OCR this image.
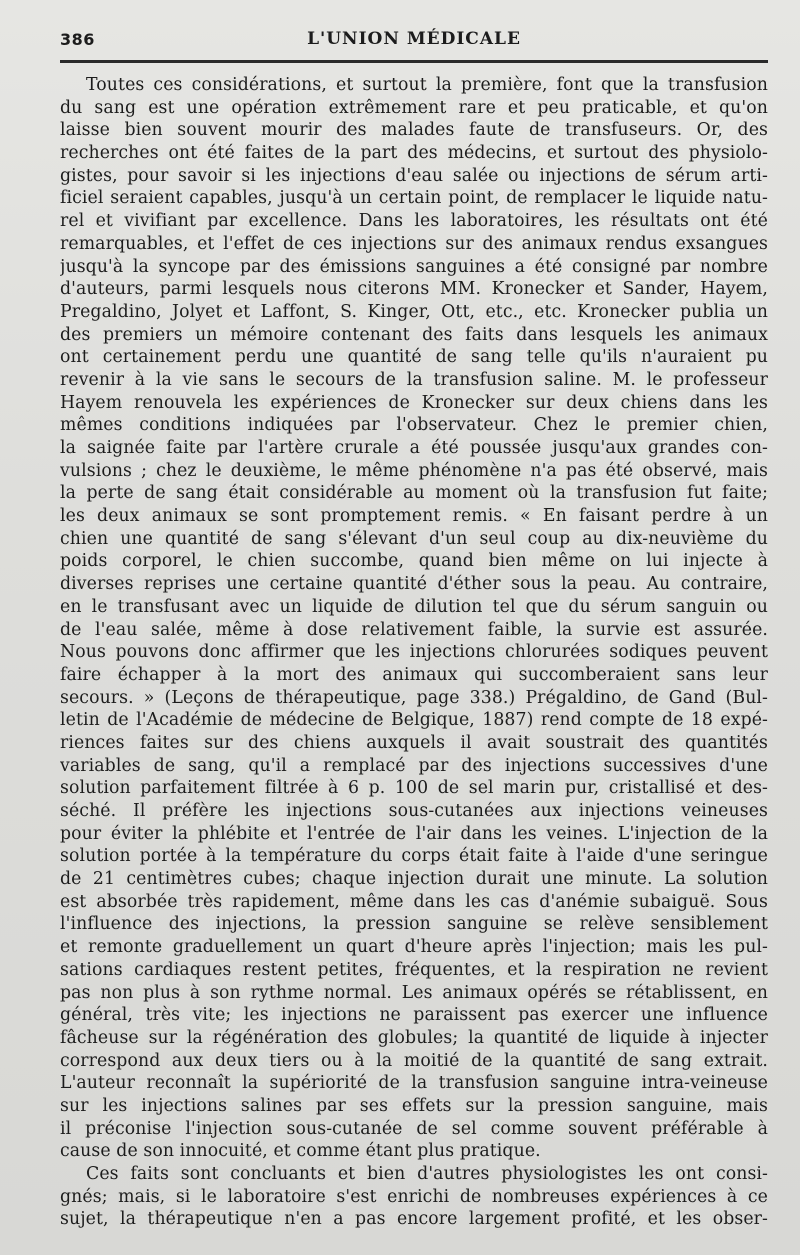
386	L'UNION MÉDICALE
Toutes ces considérations, et surtout la première, font que la transfusion
du sang est une opération extrêmement rare et peu praticable, et qu'on
laisse bien souvent mourir des malades faute de transfuseurs. Or, des
recherches ont été faites de la part des médecins, et surtout des physiolo-
gistes, pour savoir si les injections d'eau salée ou injections de sérum arti-
ficiel seraient capables, jusqu'à un certain point, de remplacer le liquide natu-
rel et vivifiant par excellence. Dans les laboratoires, les résultats ont été
remarquables, et l'effet de ces injections sur des animaux rendus exsangues
jusqu'à la syncope par des émissions sanguines a été consigné par nombre
d'auteurs, parmi lesquels nous citerons MM. Kronecker et Sander, Hayem,
Pregaldino, Jolyet et Laffont, S. Kinger, Ott, etc., etc. Kronecker publia un
des premiers un mémoire contenant des faits dans lesquels les animaux
ont certainement perdu une quantité de sang telle qu'ils n'auraient pu
revenir à la vie sans le secours de la transfusion saline. M. le professeur
Hayem renouvela les expériences de Kronecker sur deux chiens dans les
mêmes conditions indiquées par l'observateur. Chez le premier chien,
la saignée faite par l'artère crurale a été poussée jusqu'aux grandes con-
vulsions ; chez le deuxième, le même phénomène n'a pas été observé, mais
la perte de sang était considérable au moment où la transfusion fut faite;
les deux animaux se sont promptement remis. « En faisant perdre à un
chien une quantité de sang s'élevant d'un seul coup au dix-neuvième du
poids corporel, le chien succombe, quand bien même on lui injecte à
diverses reprises une certaine quantité d'éther sous la peau. Au contraire,
en le transfusant avec un liquide de dilution tel que du sérum sanguin ou
de l'eau salée, même à dose relativement faible, la survie est assurée.
Nous pouvons donc affirmer que les injections chlorurées sodiques peuvent
faire échapper à la mort des animaux qui succomberaient sans leur
secours. » (Leçons de thérapeutique, page 338.) Prégaldino, de Gand (Bul-
letin de l'Académie de médecine de Belgique, 1887) rend compte de 18 expé-
riences faites sur des chiens auxquels il avait soustrait des quantités
variables de sang, qu'il a remplacé par des injections successives d'une
solution parfaitement filtrée à 6 p. 100 de sel marin pur, cristallisé et des-
séché. Il préfère les injections sous-cutanées aux injections veineuses
pour éviter la phlébite et l'entrée de l'air dans les veines. L'injection de la
solution portée à la température du corps était faite à l'aide d'une seringue
de 21 centimètres cubes; chaque injection durait une minute. La solution
est absorbée très rapidement, même dans les cas d'anémie subaiguë. Sous
l'influence des injections, la pression sanguine se relève sensiblement
et remonte graduellement un quart d'heure après l'injection; mais les pul-
sations cardiaques restent petites, fréquentes, et la respiration ne revient
pas non plus à son rythme normal. Les animaux opérés se rétablissent, en
général, très vite; les injections ne paraissent pas exercer une influence
fâcheuse sur la régénération des globules; la quantité de liquide à injecter
correspond aux deux tiers ou à la moitié de la quantité de sang extrait.
L'auteur reconnaît la supériorité de la transfusion sanguine intra-veineuse
sur les injections salines par ses effets sur la pression sanguine, mais
il préconise l'injection sous-cutanée de sel comme souvent préférable à
cause de son innocuité, et comme étant plus pratique.
Ces faits sont concluants et bien d'autres physiologistes les ont consi-
gnés; mais, si le laboratoire s'est enrichi de nombreuses expériences à ce
sujet, la thérapeutique n'en a pas encore largement profité, et les obser-
